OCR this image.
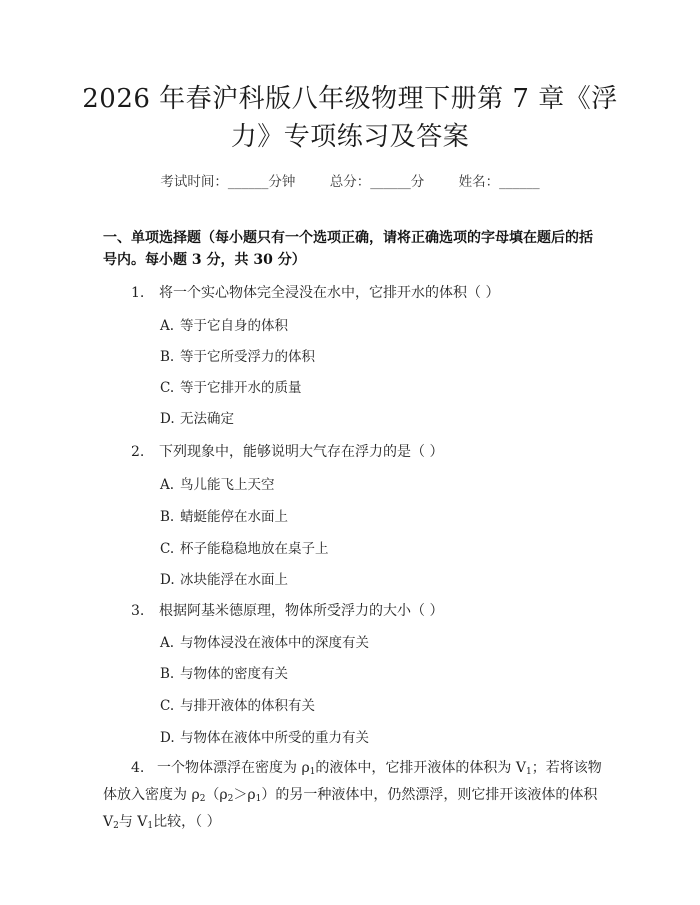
2026 年春沪科版八年级物理下册第 7 章《浮
力》专项练习及答案
考试时间：______分钟	总分：______分	姓名：______
一、单项选择题（每小题只有一个选项正确，请将正确选项的字母填在题后的括
号内。每小题 3 分，共 30 分）
1. 将一个实心物体完全浸没在水中，它排开水的体积（ ）
A. 等于它自身的体积
B. 等于它所受浮力的体积
C. 等于它排开水的质量
D. 无法确定
2. 下列现象中，能够说明大气存在浮力的是（ ）
A. 鸟儿能飞上天空
B. 蜻蜓能停在水面上
C. 杯子能稳稳地放在桌子上
D. 冰块能浮在水面上
3. 根据阿基米德原理，物体所受浮力的大小（ ）
A. 与物体浸没在液体中的深度有关
B. 与物体的密度有关
C. 与排开液体的体积有关
D. 与物体在液体中所受的重力有关
4. 一个物体漂浮在密度为 $\rho_1$的液体中，它排开液体的体积为 $V_1$；若将该物
体放入密度为 $\rho_2(\rho_2>\rho_1)$的另一种液体中，仍然漂浮，则它排开该液体的体积
$V_2$与 $V_1$比较，（ ）
